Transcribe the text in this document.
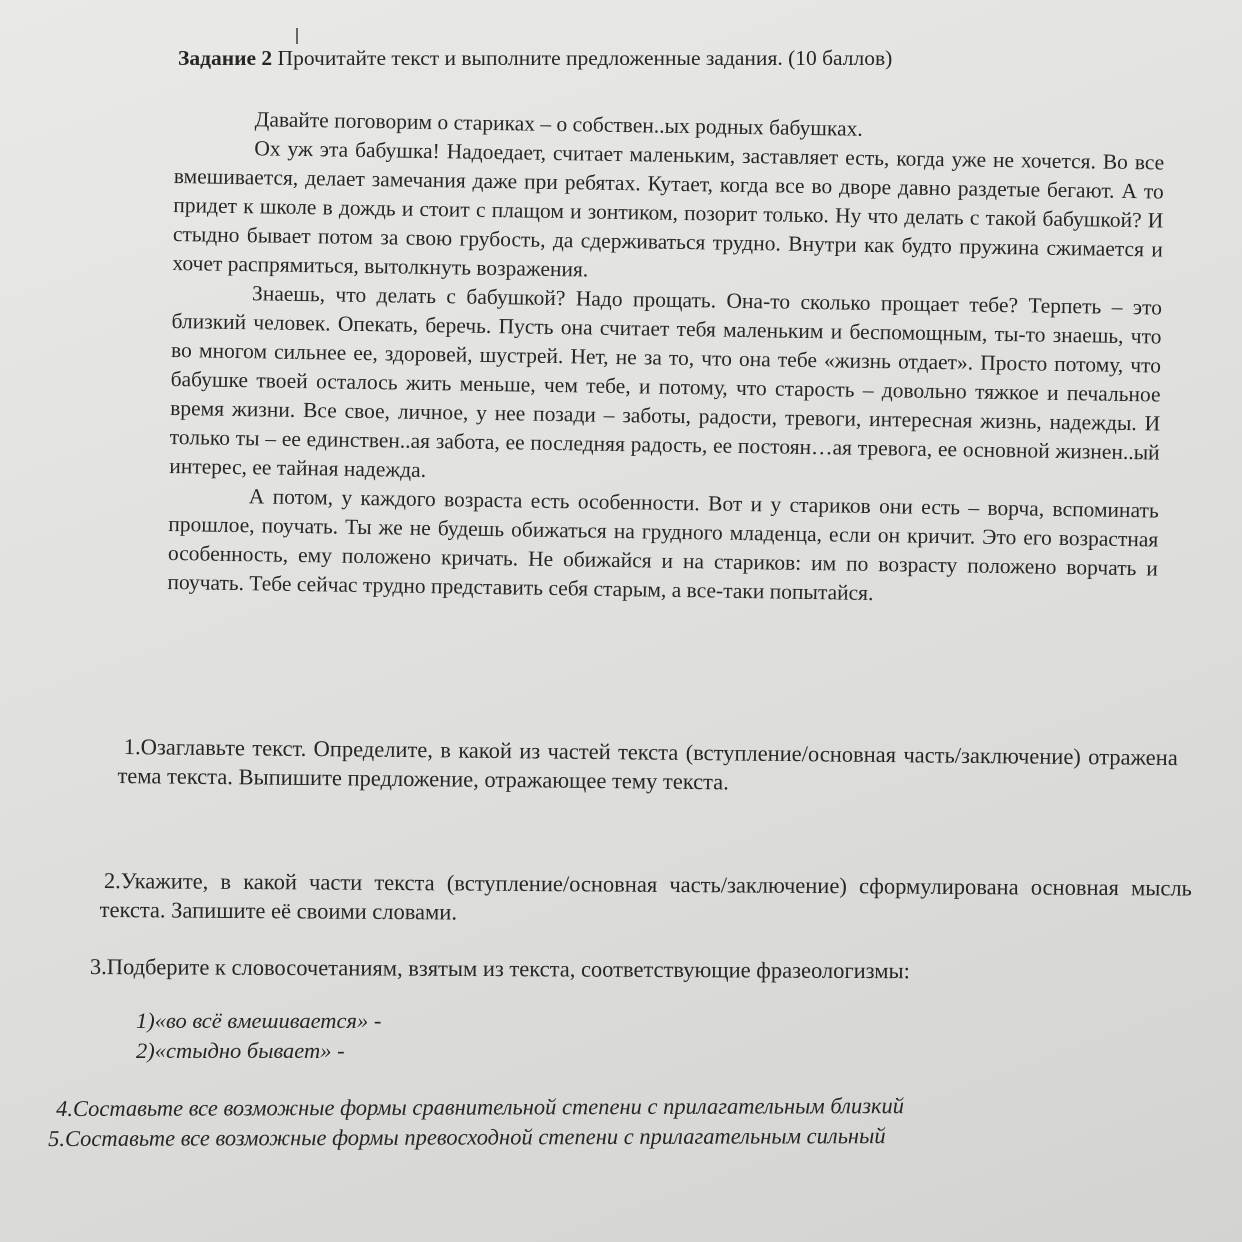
Задание 2 Прочитайте текст и выполните предложенные задания. (10 баллов)

Давайте поговорим о стариках – о собствен..ых родных бабушках.

Ох уж эта бабушка! Надоедает, считает маленьким, заставляет есть, когда уже не хочется. Во все вмешивается, делает замечания даже при ребятах. Кутает, когда все во дворе давно раздетые бегают. А то придет к школе в дождь и стоит с плащом и зонтиком, позорит только. Ну что делать с такой бабушкой? И стыдно бывает потом за свою грубость, да сдерживаться трудно. Внутри как будто пружина сжимается и хочет распрямиться, вытолкнуть возражения.

Знаешь, что делать с бабушкой? Надо прощать. Она-то сколько прощает тебе? Терпеть – это близкий человек. Опекать, беречь. Пусть она считает тебя маленьким и беспомощным, ты-то знаешь, что во многом сильнее ее, здоровей, шустрей. Нет, не за то, что она тебе «жизнь отдает». Просто потому, что бабушке твоей осталось жить меньше, чем тебе, и потому, что старость – довольно тяжкое и печальное время жизни. Все свое, личное, у нее позади – заботы, радости, тревоги, интересная жизнь, надежды. И только ты – ее единствен..ая забота, ее последняя радость, ее постоян…ая тревога, ее основной жизнен..ый интерес, ее тайная надежда.

А потом, у каждого возраста есть особенности. Вот и у стариков они есть – ворча, вспоминать прошлое, поучать. Ты же не будешь обижаться на грудного младенца, если он кричит. Это его возрастная особенность, ему положено кричать. Не обижайся и на стариков: им по возрасту положено ворчать и поучать. Тебе сейчас трудно представить себя старым, а все-таки попытайся.

1.Озаглавьте текст. Определите, в какой из частей текста (вступление/основная часть/заключение) отражена тема текста. Выпишите предложение, отражающее тему текста.
2.Укажите, в какой части текста (вступление/основная часть/заключение) сформулирована основная мысль текста. Запишите её своими словами.
3.Подберите к словосочетаниям, взятым из текста, соответствующие фразеологизмы:
1)«во всё вмешивается» -
2)«стыдно бывает» -
4.Составьте все возможные формы сравнительной степени с прилагательным близкий
5.Составьте все возможные формы превосходной степени с прилагательным сильный
